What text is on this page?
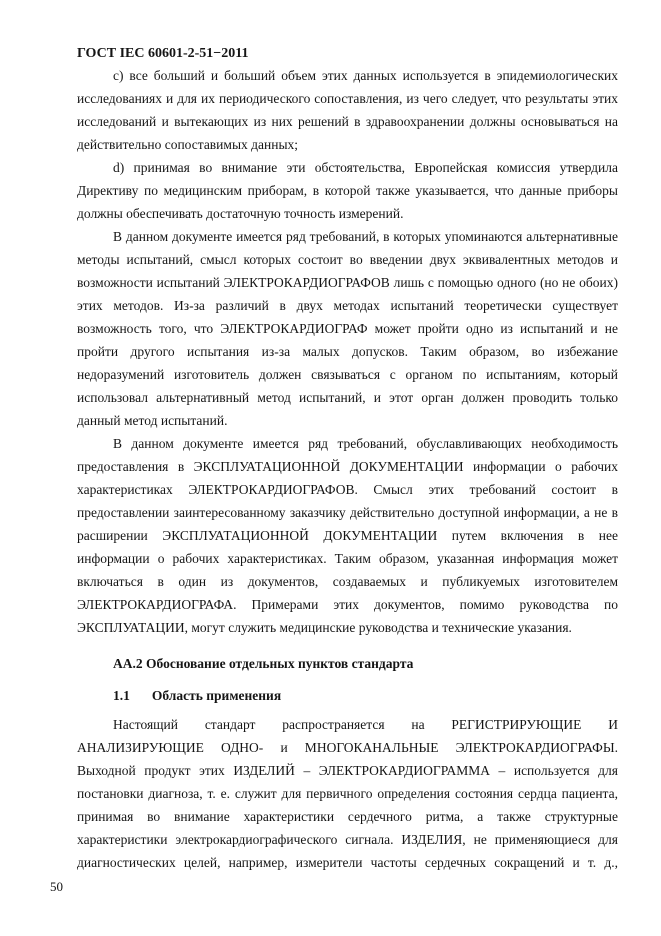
ГОСТ IEC 60601-2-51−2011
c) все больший и больший объем этих данных используется в эпидемиологических
исследованиях и для их периодического сопоставления, из чего следует, что результаты этих
исследований и вытекающих из них решений в здравоохранении должны основываться на
действительно сопоставимых данных;
d) принимая во внимание эти обстоятельства, Европейская комиссия утвердила
Директиву по медицинским приборам, в которой также указывается, что данные приборы
должны обеспечивать достаточную точность измерений.
В данном документе имеется ряд требований, в которых упоминаются альтернативные
методы испытаний, смысл которых состоит во введении двух эквивалентных методов и
возможности испытаний ЭЛЕКТРОКАРДИОГРАФОВ лишь с помощью одного (но не обоих)
этих методов. Из-за различий в двух методах испытаний теоретически существует
возможность того, что ЭЛЕКТРОКАРДИОГРАФ может пройти одно из испытаний и не
пройти другого испытания из-за малых допусков. Таким образом, во избежание
недоразумений изготовитель должен связываться с органом по испытаниям, который
использовал альтернативный метод испытаний, и этот орган должен проводить только
данный метод испытаний.
В данном документе имеется ряд требований, обуславливающих необходимость
предоставления в ЭКСПЛУАТАЦИОННОЙ ДОКУМЕНТАЦИИ информации о рабочих
характеристиках ЭЛЕКТРОКАРДИОГРАФОВ. Смысл этих требований состоит в
предоставлении заинтересованному заказчику действительно доступной информации, а не в
расширении ЭКСПЛУАТАЦИОННОЙ ДОКУМЕНТАЦИИ путем включения в нее
информации о рабочих характеристиках. Таким образом, указанная информация может
включаться в один из документов, создаваемых и публикуемых изготовителем
ЭЛЕКТРОКАРДИОГРАФА. Примерами этих документов, помимо руководства по
ЭКСПЛУАТАЦИИ, могут служить медицинские руководства и технические указания.
АА.2 Обоснование отдельных пунктов стандарта
1.1 Область применения
Настоящий стандарт распространяется на РЕГИСТРИРУЮЩИЕ И
АНАЛИЗИРУЮЩИЕ ОДНО- и МНОГОКАНАЛЬНЫЕ ЭЛЕКТРОКАРДИОГРАФЫ.
Выходной продукт этих ИЗДЕЛИЙ – ЭЛЕКТРОКАРДИОГРАММА – используется для
постановки диагноза, т. е. служит для первичного определения состояния сердца пациента,
принимая во внимание характеристики сердечного ритма, а также структурные
характеристики электрокардиографического сигнала. ИЗДЕЛИЯ, не применяющиеся для
диагностических целей, например, измерители частоты сердечных сокращений и т. д.,
50
